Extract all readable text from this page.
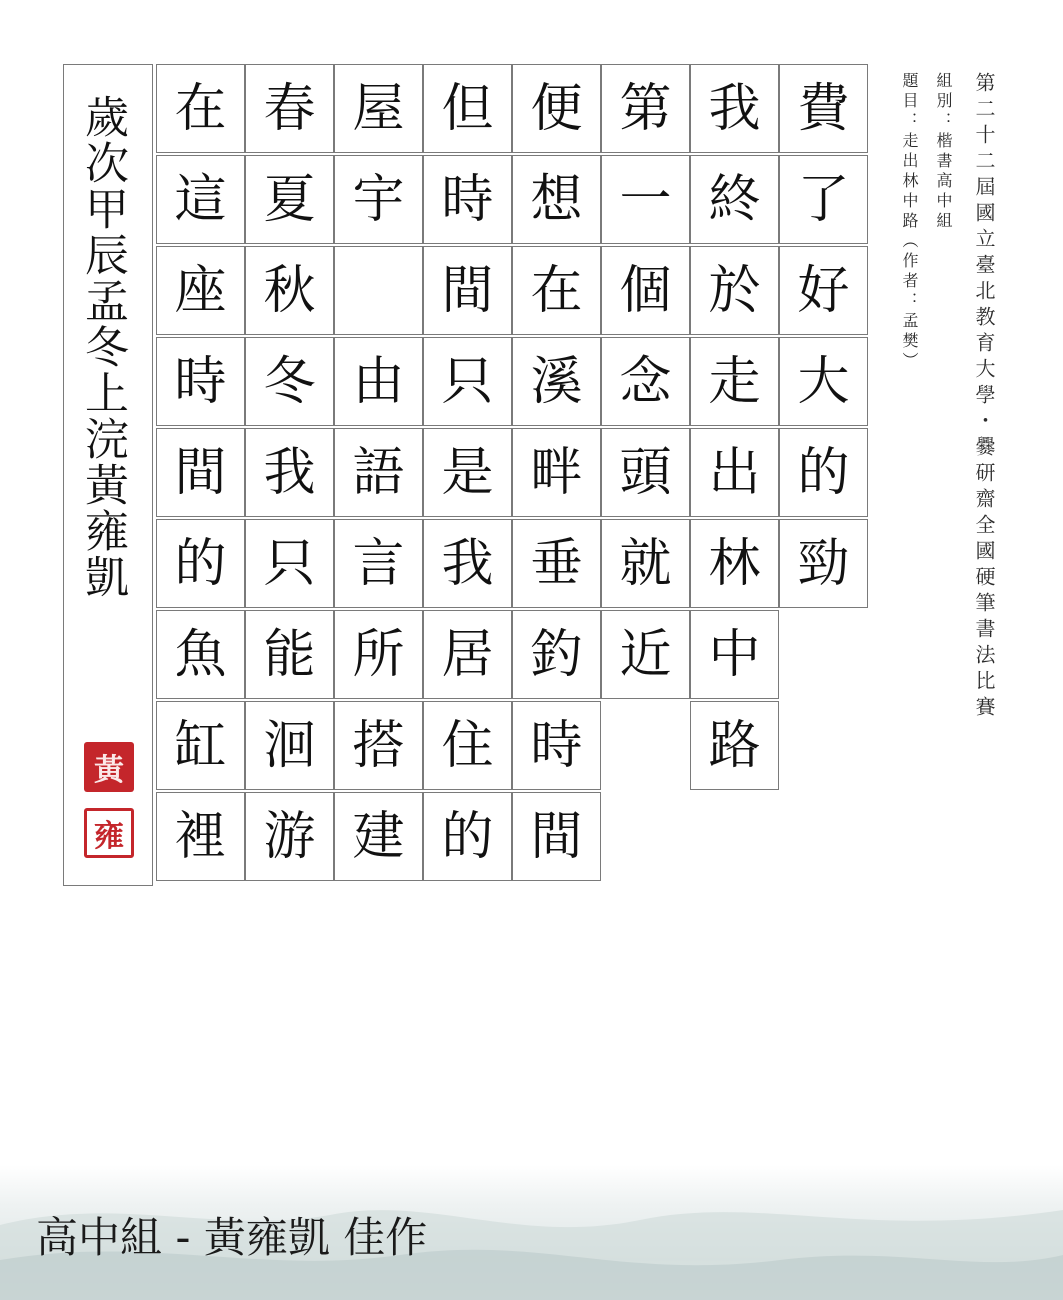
第二十二屆國立臺北教育大學・爨研齋全國硬筆書法比賽
組別：楷書高中組
題目：走出林中路（作者：孟樊）
費
了
好
大
的
勁
我
終
於
走
出
林
中
路
第
一
個
念
頭
就
近
便
想
在
溪
畔
垂
釣
時
間
但
時
間
只
是
我
居
住
的
屋
宇
由
語
言
所
搭
建
春
夏
秋
冬
我
只
能
洄
游
在
這
座
時
間
的
魚
缸
裡
歲次甲辰孟冬上浣黃雍凱
黃
雍
高中組 - 黃雍凱 佳作
